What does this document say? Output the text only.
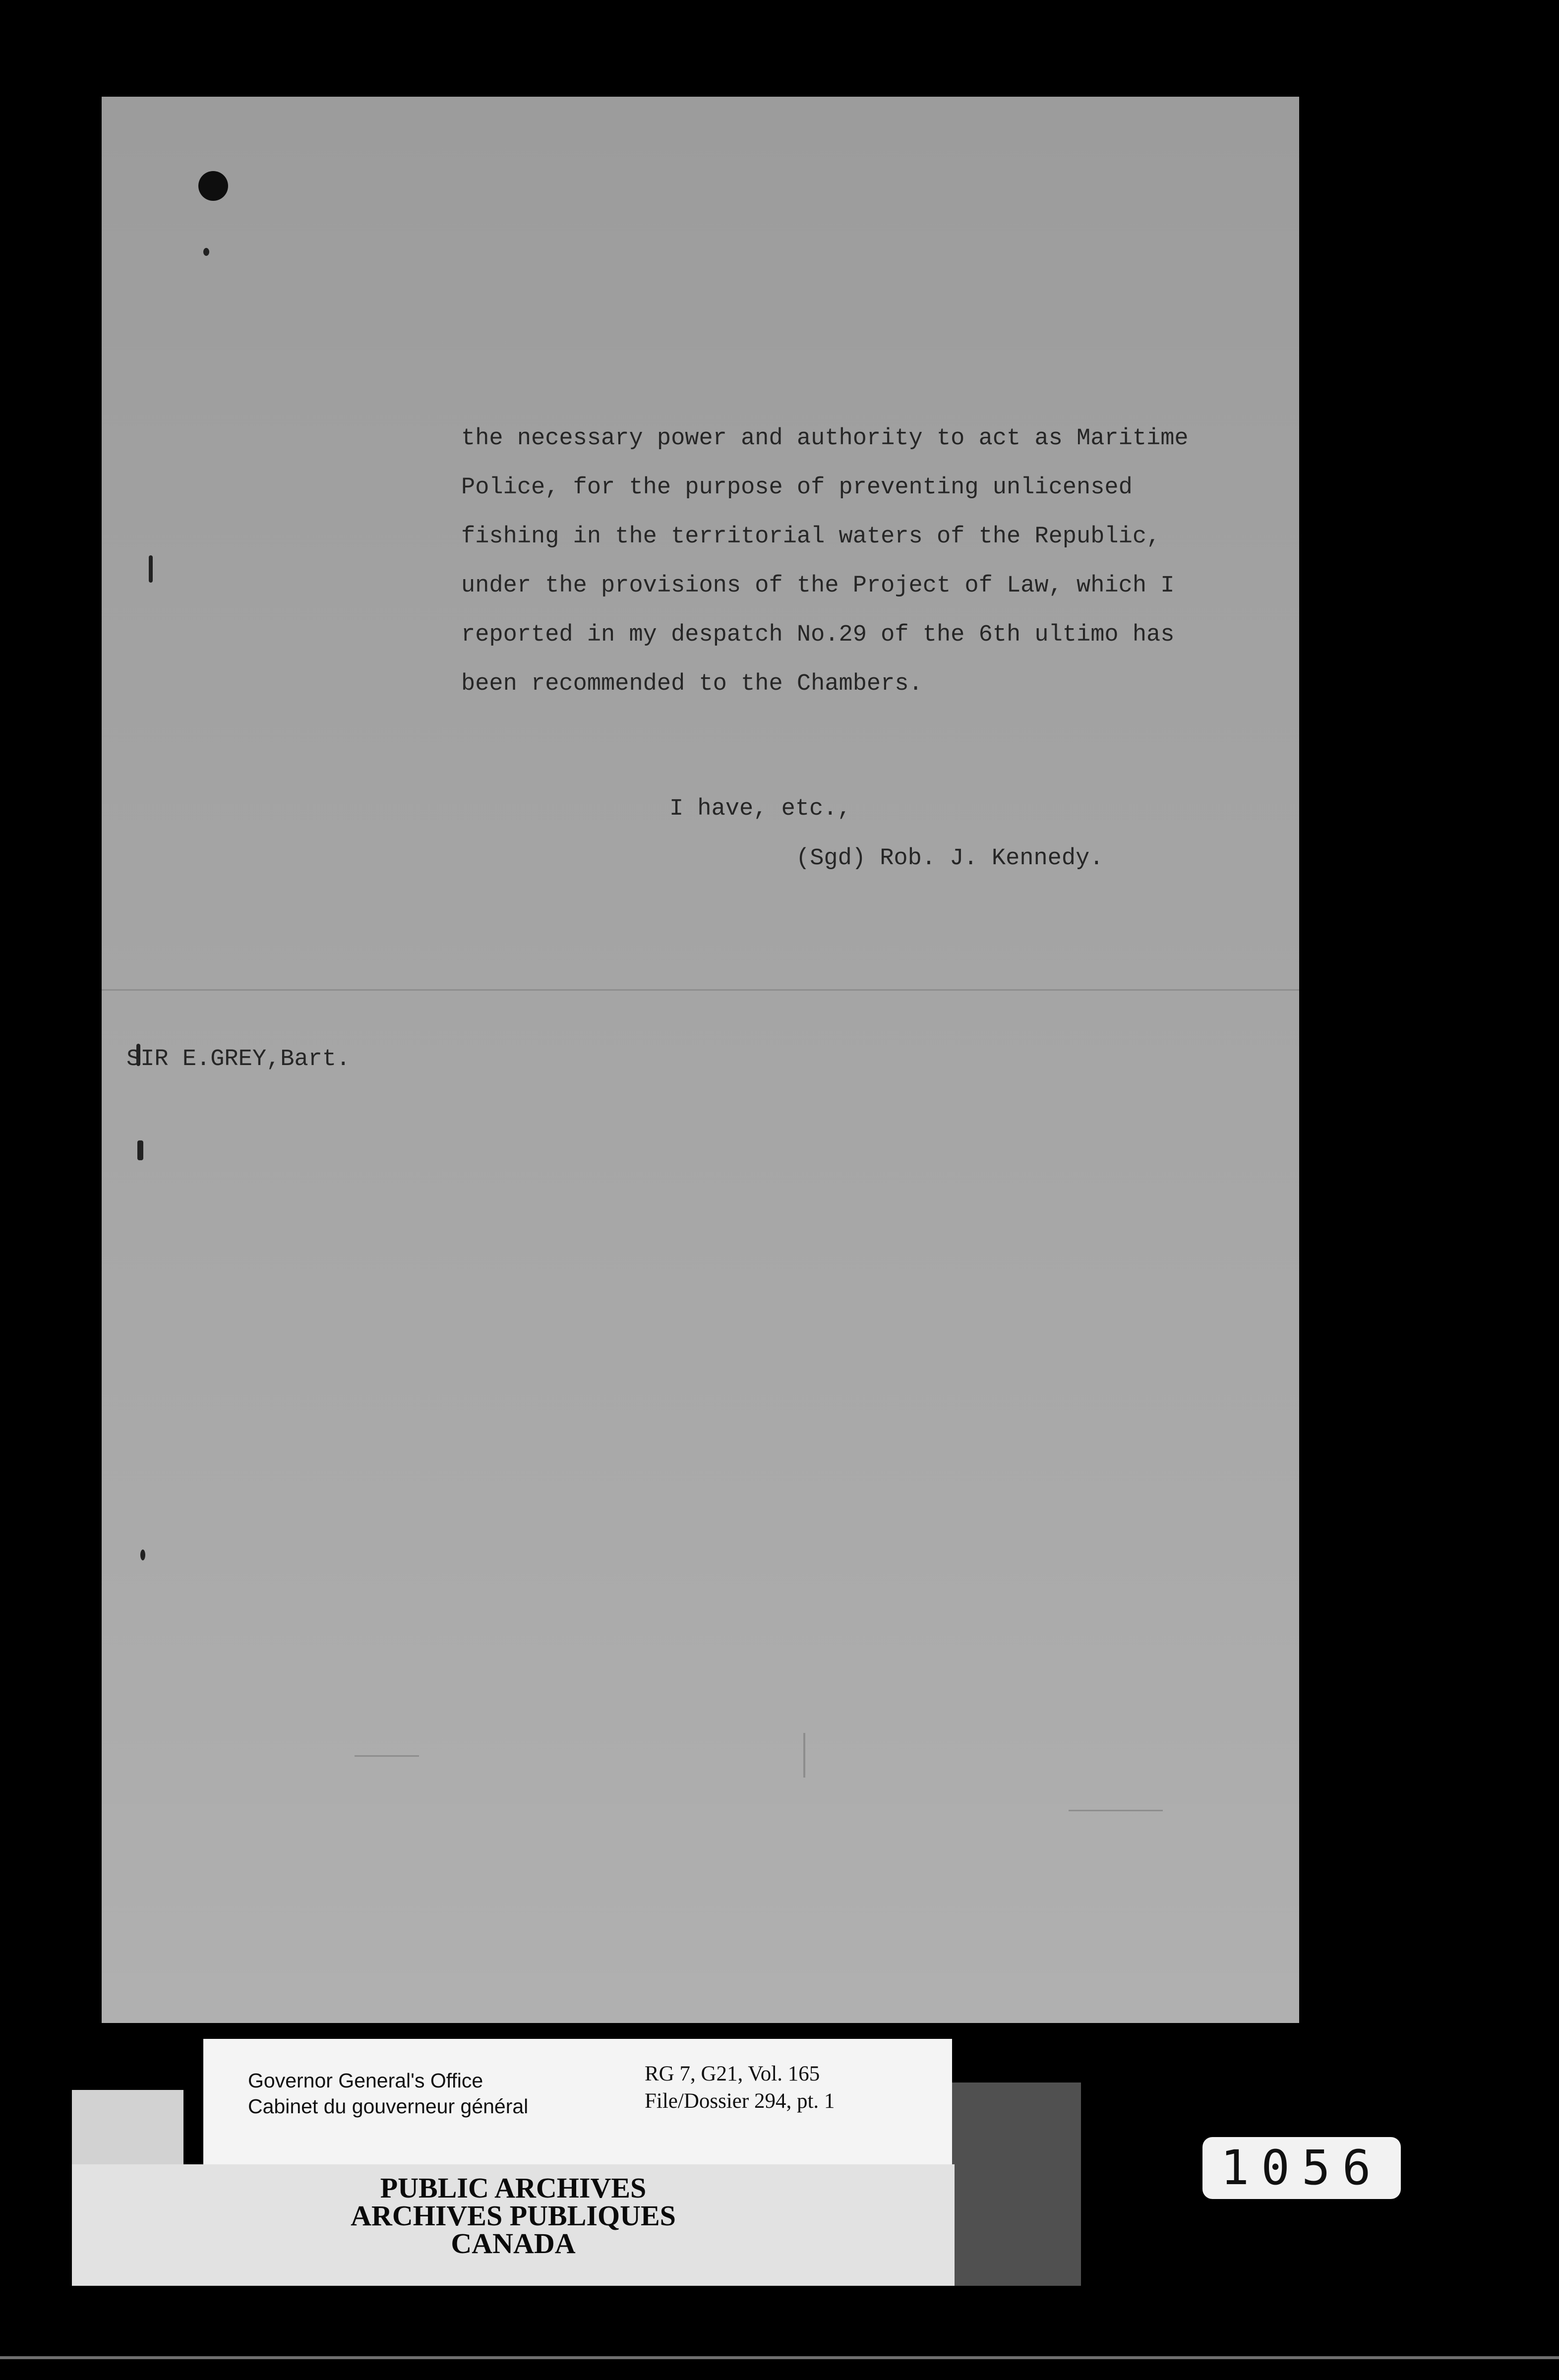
the necessary power and authority to act as Maritime

Police, for the purpose of preventing unlicensed

fishing in the territorial waters of the Republic,

under the provisions of the Project of Law, which I

reported in my despatch No.29 of the 6th ultimo has

been recommended to the Chambers.

I have, etc.,

(Sgd) Rob. J. Kennedy.

SIR E.GREY,Bart.

Governor General's Office
Cabinet du gouverneur général
RG 7, G21, Vol. 165
File/Dossier 294, pt. 1
PUBLIC ARCHIVES
ARCHIVES PUBLIQUES
CANADA
1056
